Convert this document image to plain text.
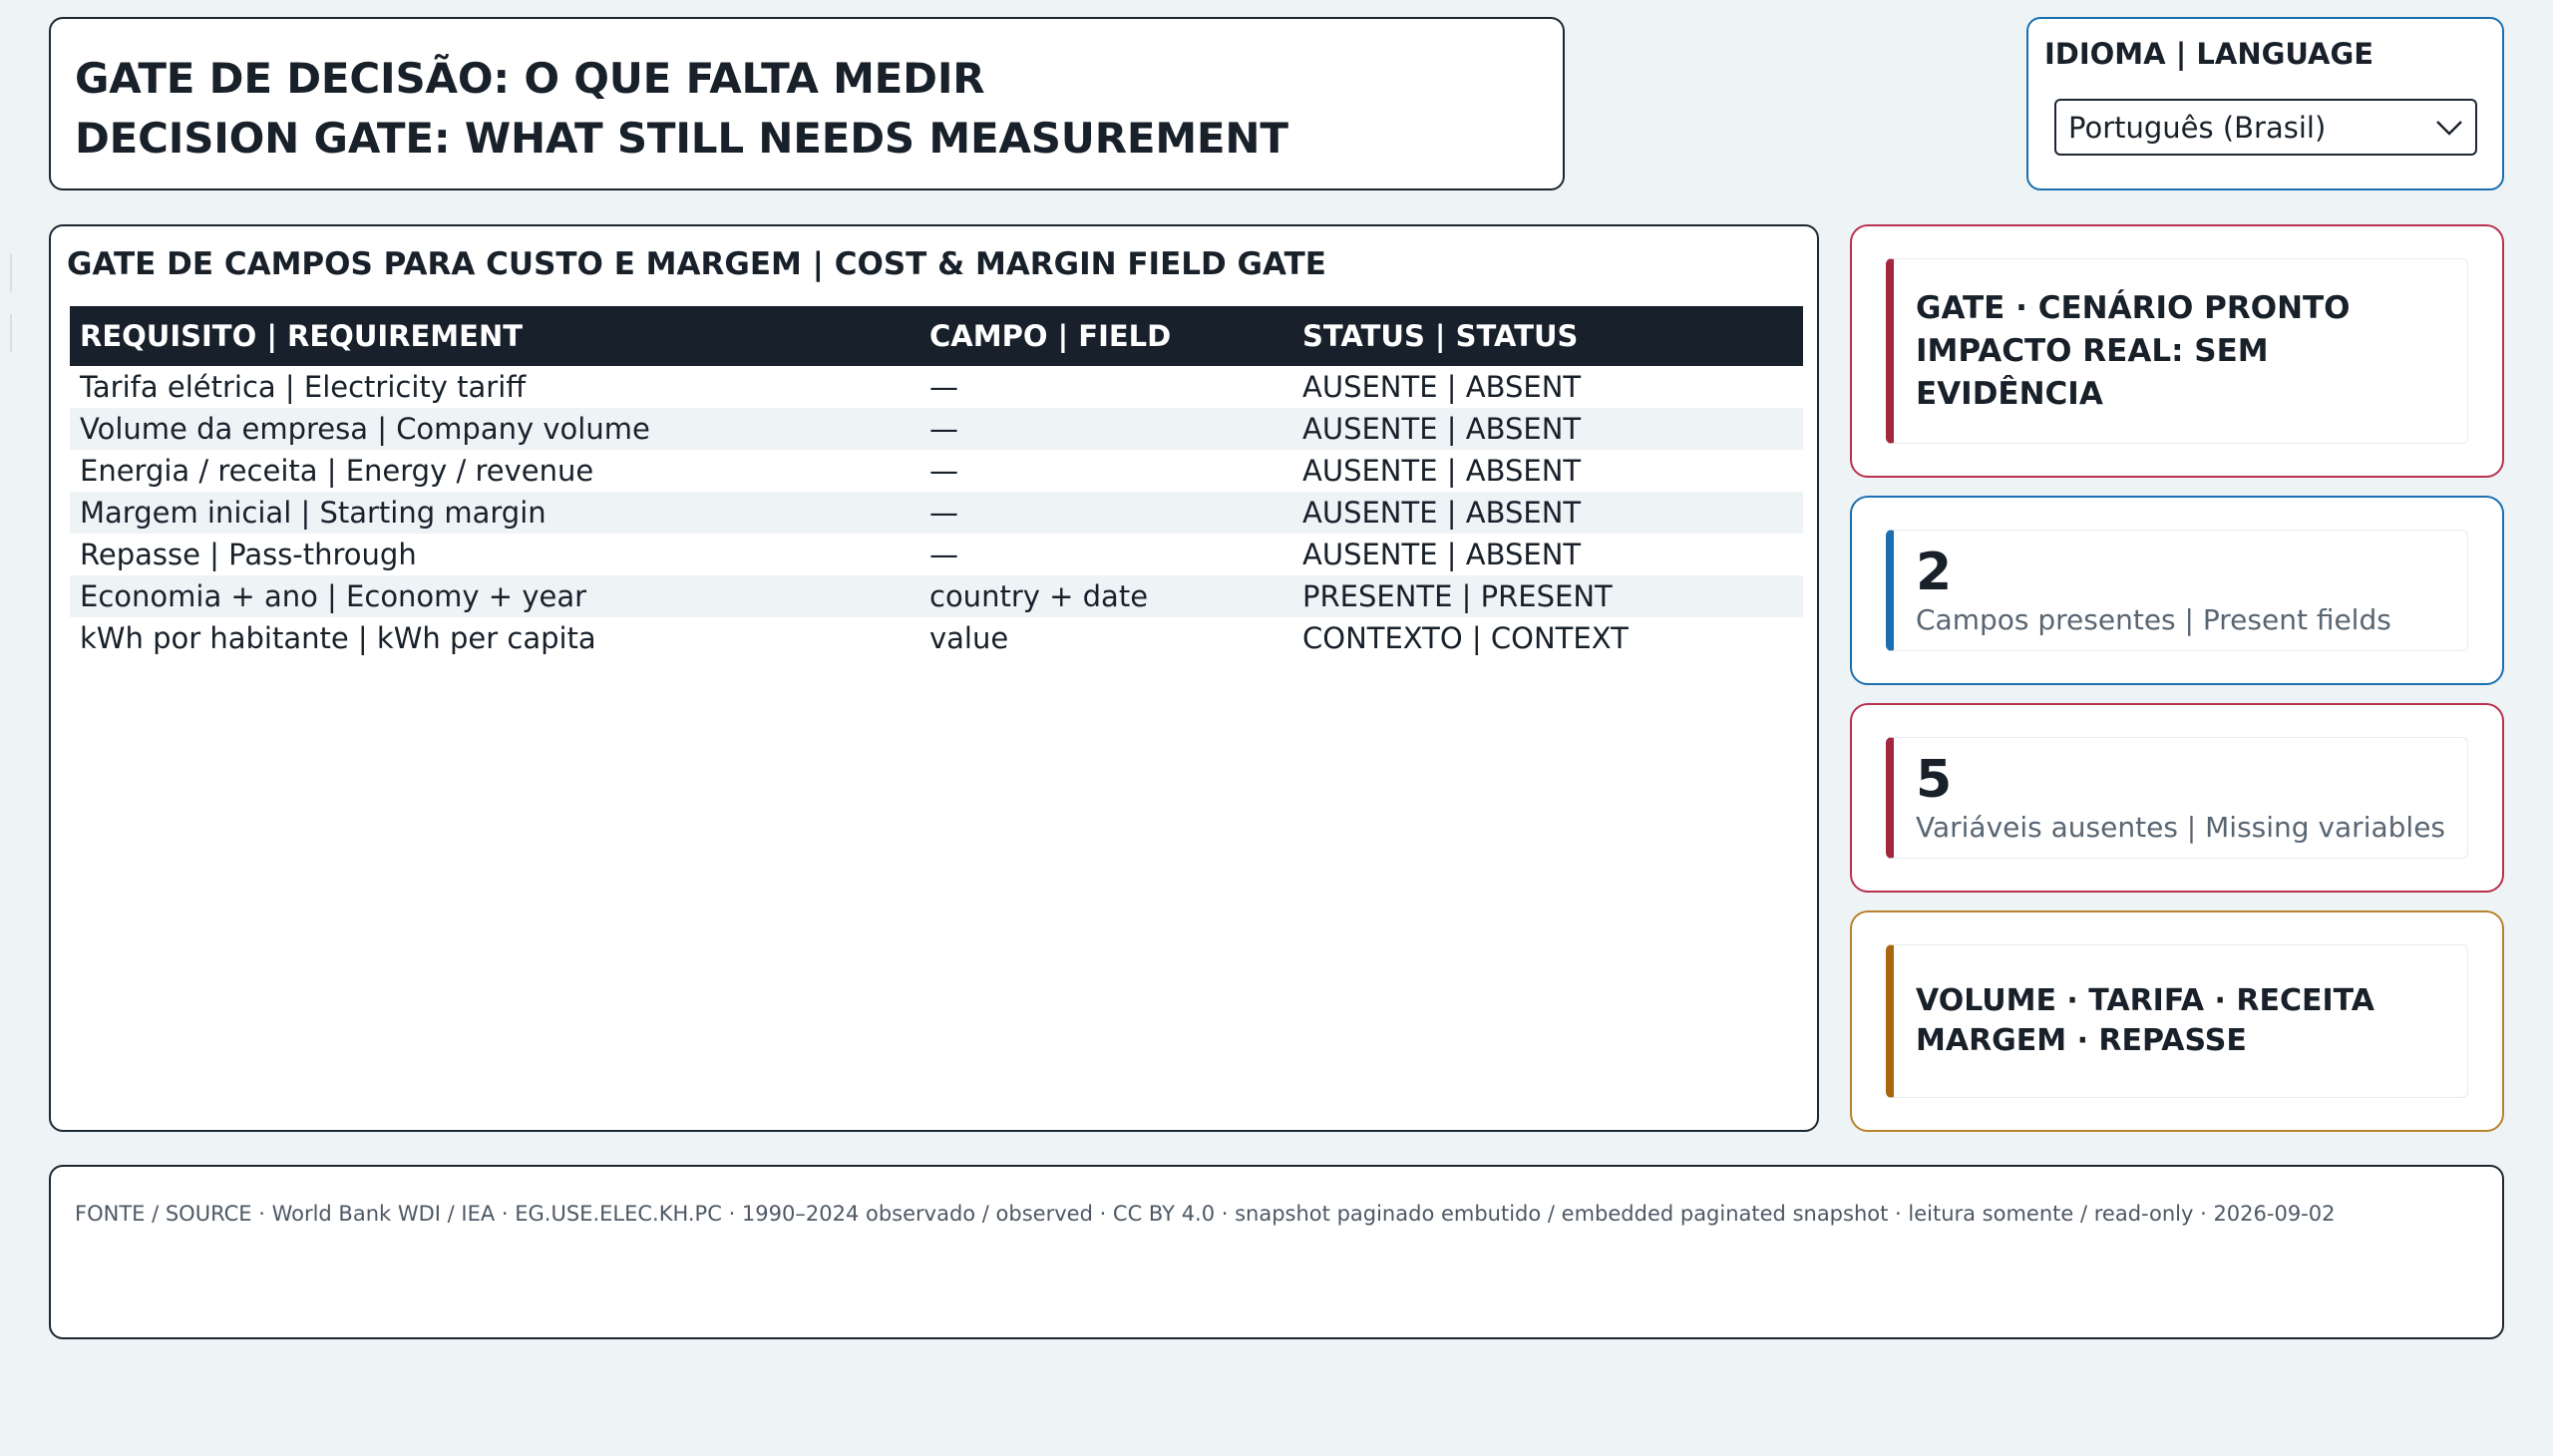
GATE DE DECISÃO: O QUE FALTA MEDIR
DECISION GATE: WHAT STILL NEEDS MEASUREMENT
IDIOMA | LANGUAGE
Português (Brasil)
GATE DE CAMPOS PARA CUSTO E MARGEM | COST & MARGIN FIELD GATE
REQUISITO | REQUIREMENT	CAMPO | FIELD	STATUS | STATUS
Tarifa elétrica | Electricity tariff	—	AUSENTE | ABSENT
Volume da empresa | Company volume	—	AUSENTE | ABSENT
Energia / receita | Energy / revenue	—	AUSENTE | ABSENT
Margem inicial | Starting margin	—	AUSENTE | ABSENT
Repasse | Pass-through	—	AUSENTE | ABSENT
Economia + ano | Economy + year	country + date	PRESENTE | PRESENT
kWh por habitante | kWh per capita	value	CONTEXTO | CONTEXT
GATE · CENÁRIO PRONTO
IMPACTO REAL: SEM EVIDÊNCIA
2
Campos presentes | Present fields
5
Variáveis ausentes | Missing variables
VOLUME · TARIFA · RECEITA
MARGEM · REPASSE
FONTE / SOURCE · World Bank WDI / IEA · EG.USE.ELEC.KH.PC · 1990–2024 observado / observed · CC BY 4.0 · snapshot paginado embutido / embedded paginated snapshot · leitura somente / read-only · 2026-09-02
